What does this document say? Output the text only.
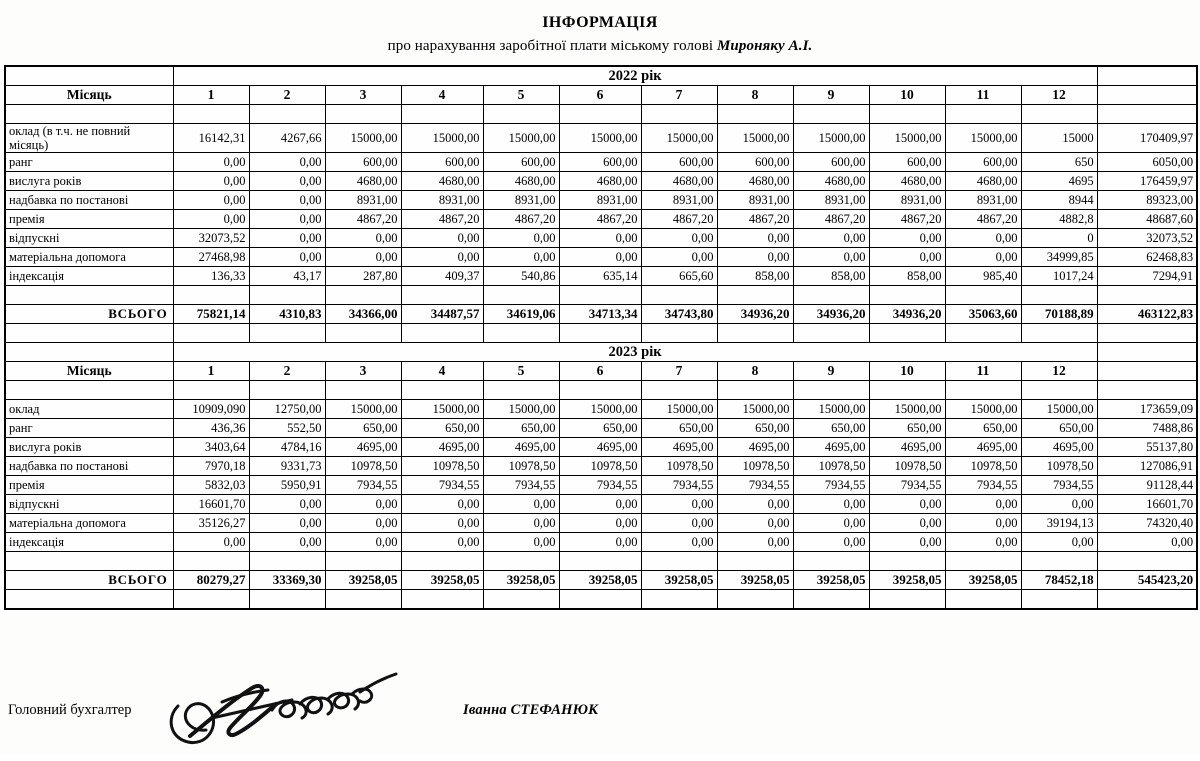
ІНФОРМАЦІЯ
про нарахування заробітної плати міському голові Мироняку А.І.
	2022 рік												
Місяць	1	2	3	4	5	6	7	8	9	10	11	12	

оклад (в т.ч. не повний місяць)	16142,31	4267,66	15000,00	15000,00	15000,00	15000,00	15000,00	15000,00	15000,00	15000,00	15000,00	15000	170409,97
ранг	0,00	0,00	600,00	600,00	600,00	600,00	600,00	600,00	600,00	600,00	600,00	650	6050,00
вислуга років	0,00	0,00	4680,00	4680,00	4680,00	4680,00	4680,00	4680,00	4680,00	4680,00	4680,00	4695	176459,97
надбавка по постанові	0,00	0,00	8931,00	8931,00	8931,00	8931,00	8931,00	8931,00	8931,00	8931,00	8931,00	8944	89323,00
премія	0,00	0,00	4867,20	4867,20	4867,20	4867,20	4867,20	4867,20	4867,20	4867,20	4867,20	4882,8	48687,60
відпускні	32073,52	0,00	0,00	0,00	0,00	0,00	0,00	0,00	0,00	0,00	0,00	0	32073,52
матеріальна допомога	27468,98	0,00	0,00	0,00	0,00	0,00	0,00	0,00	0,00	0,00	0,00	34999,85	62468,83
індексація	136,33	43,17	287,80	409,37	540,86	635,14	665,60	858,00	858,00	858,00	985,40	1017,24	7294,91

ВСЬОГО	75821,14	4310,83	34366,00	34487,57	34619,06	34713,34	34743,80	34936,20	34936,20	34936,20	35063,60	70188,89	463122,83

	2023 рік												
Місяць	1	2	3	4	5	6	7	8	9	10	11	12	

оклад	10909,090	12750,00	15000,00	15000,00	15000,00	15000,00	15000,00	15000,00	15000,00	15000,00	15000,00	15000,00	173659,09
ранг	436,36	552,50	650,00	650,00	650,00	650,00	650,00	650,00	650,00	650,00	650,00	650,00	7488,86
вислуга років	3403,64	4784,16	4695,00	4695,00	4695,00	4695,00	4695,00	4695,00	4695,00	4695,00	4695,00	4695,00	55137,80
надбавка по постанові	7970,18	9331,73	10978,50	10978,50	10978,50	10978,50	10978,50	10978,50	10978,50	10978,50	10978,50	10978,50	127086,91
премія	5832,03	5950,91	7934,55	7934,55	7934,55	7934,55	7934,55	7934,55	7934,55	7934,55	7934,55	7934,55	91128,44
відпускні	16601,70	0,00	0,00	0,00	0,00	0,00	0,00	0,00	0,00	0,00	0,00	0,00	16601,70
матеріальна допомога	35126,27	0,00	0,00	0,00	0,00	0,00	0,00	0,00	0,00	0,00	0,00	39194,13	74320,40
індексація	0,00	0,00	0,00	0,00	0,00	0,00	0,00	0,00	0,00	0,00	0,00	0,00	0,00

ВСЬОГО	80279,27	33369,30	39258,05	39258,05	39258,05	39258,05	39258,05	39258,05	39258,05	39258,05	39258,05	78452,18	545423,20

Головний бухгалтер	Іванна СТЕФАНЮК
